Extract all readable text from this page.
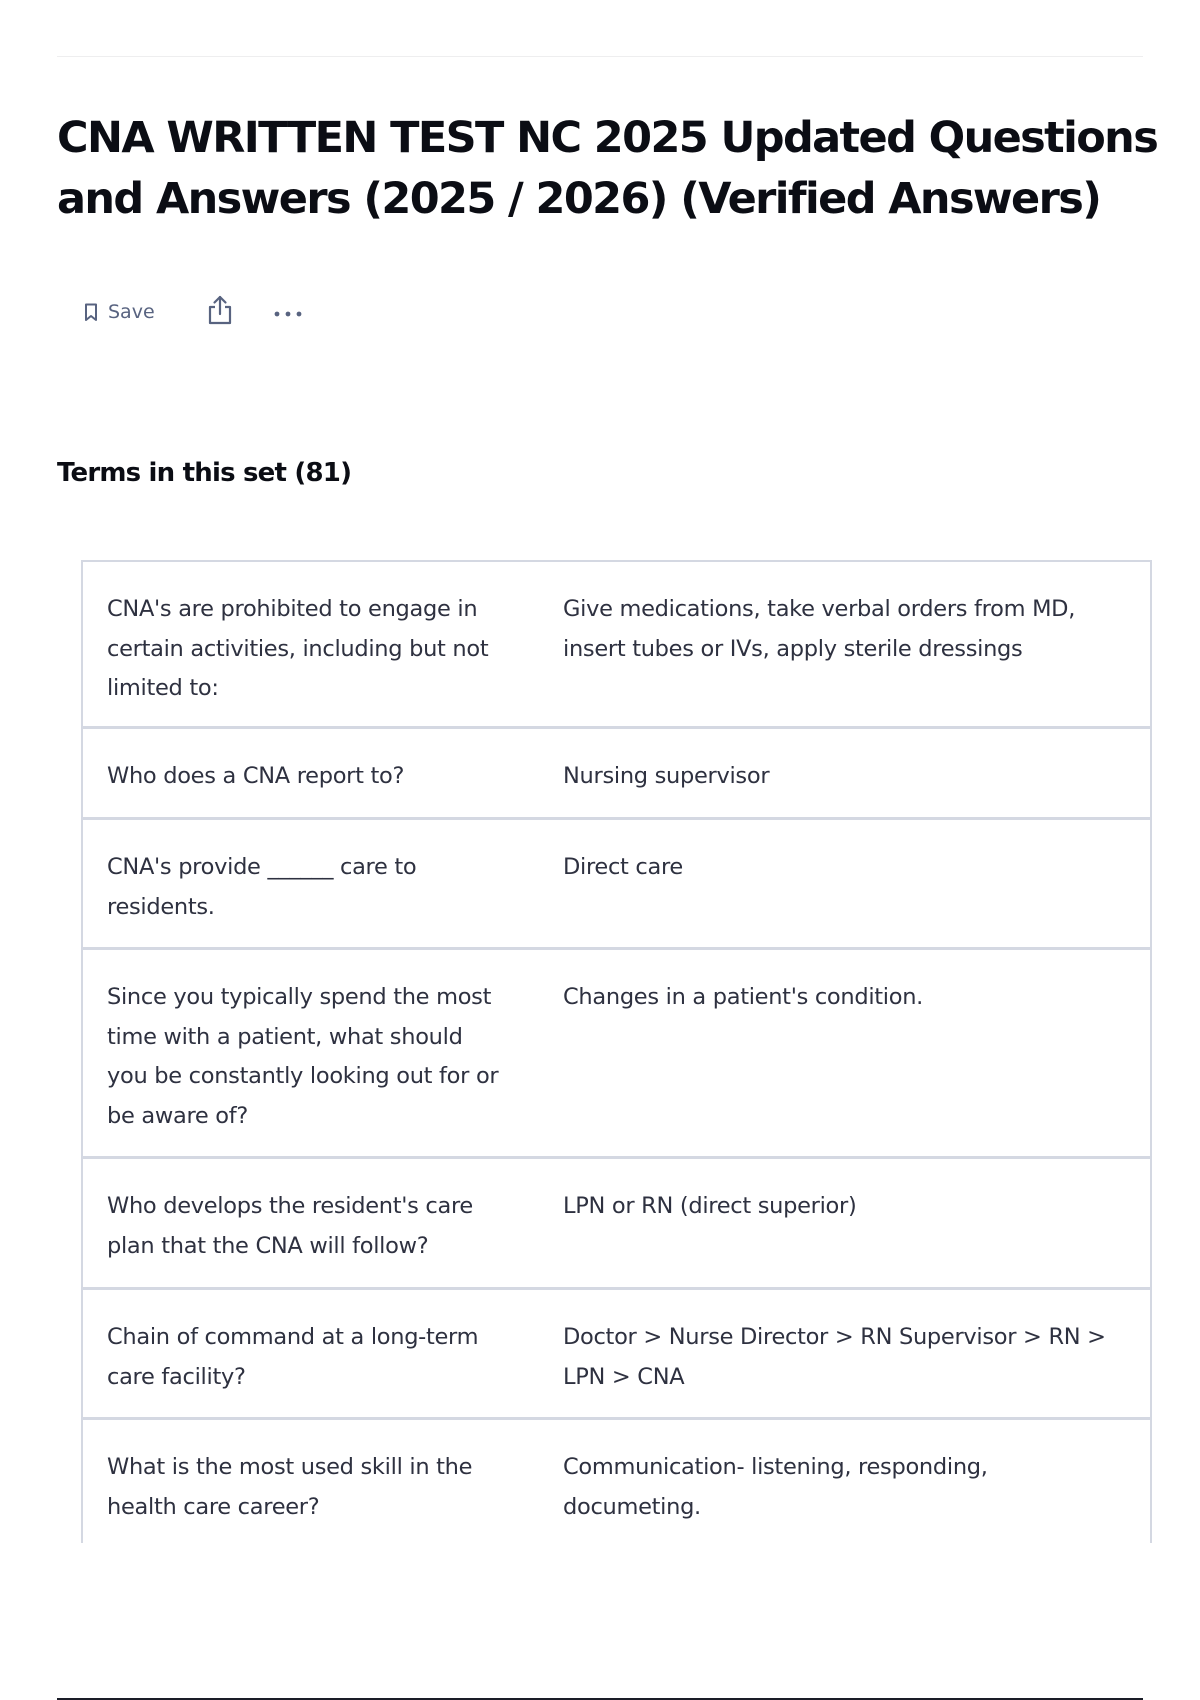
CNA WRITTEN TEST NC 2025 Updated Questions and Answers (2025 / 2026) (Verified Answers)
Save
Terms in this set (81)
CNA's are prohibited to engage in certain activities, including but not limited to:
Give medications, take verbal orders from MD, insert tubes or IVs, apply sterile dressings
Who does a CNA report to?	Nursing supervisor
CNA's provide ______ care to residents.
Direct care
Since you typically spend the most time with a patient, what should you be constantly looking out for or be aware of?
Changes in a patient's condition.
Who develops the resident's care plan that the CNA will follow?
LPN or RN (direct superior)
Chain of command at a long-term care facility?
Doctor > Nurse Director > RN Supervisor > RN > LPN > CNA
What is the most used skill in the health care career?
Communication- listening, responding, documeting.
